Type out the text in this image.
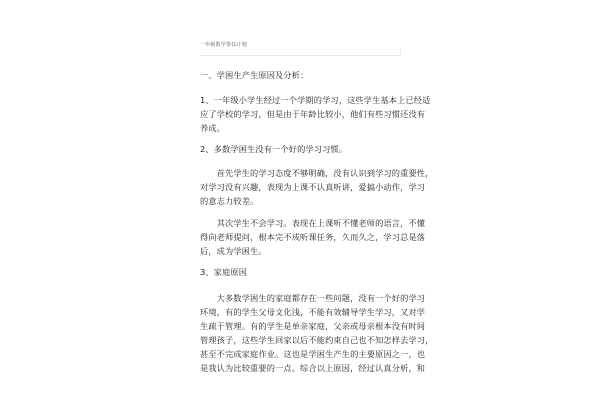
一年级数学帮扶计划
一、学困生产生原因及分析：
1、一年级小学生经过一个学期的学习，这些学生基本上已经适
应了学校的学习，但是由于年龄比较小，他们有些习惯还没有
养成。
2、多数学困生没有一个好的学习习惯。
　　首先学生的学习态度不够明确，没有认识到学习的重要性，
对学习没有兴趣，表现为上课不认真听讲，爱搞小动作，学习
的意志力较差。
　　其次学生不会学习。表现在上课听不懂老师的语言，不懂
得向老师提问，根本完不成听课任务，久而久之，学习总是落
后，成为学困生。
3、家庭原因
　　大多数学困生的家庭都存在一些问题，没有一个好的学习
环境，有的学生父母文化浅，不能有效辅导学生学习，又对学
生疏于管理。有的学生是单亲家庭，父亲或母亲根本没有时间
管理孩子，这些学生回家以后不能约束自己也不知怎样去学习，
甚至不完成家庭作业。这也是学困生产生的主要原因之一，也
是我认为比较重要的一点。综合以上原因，经过认真分析，和
